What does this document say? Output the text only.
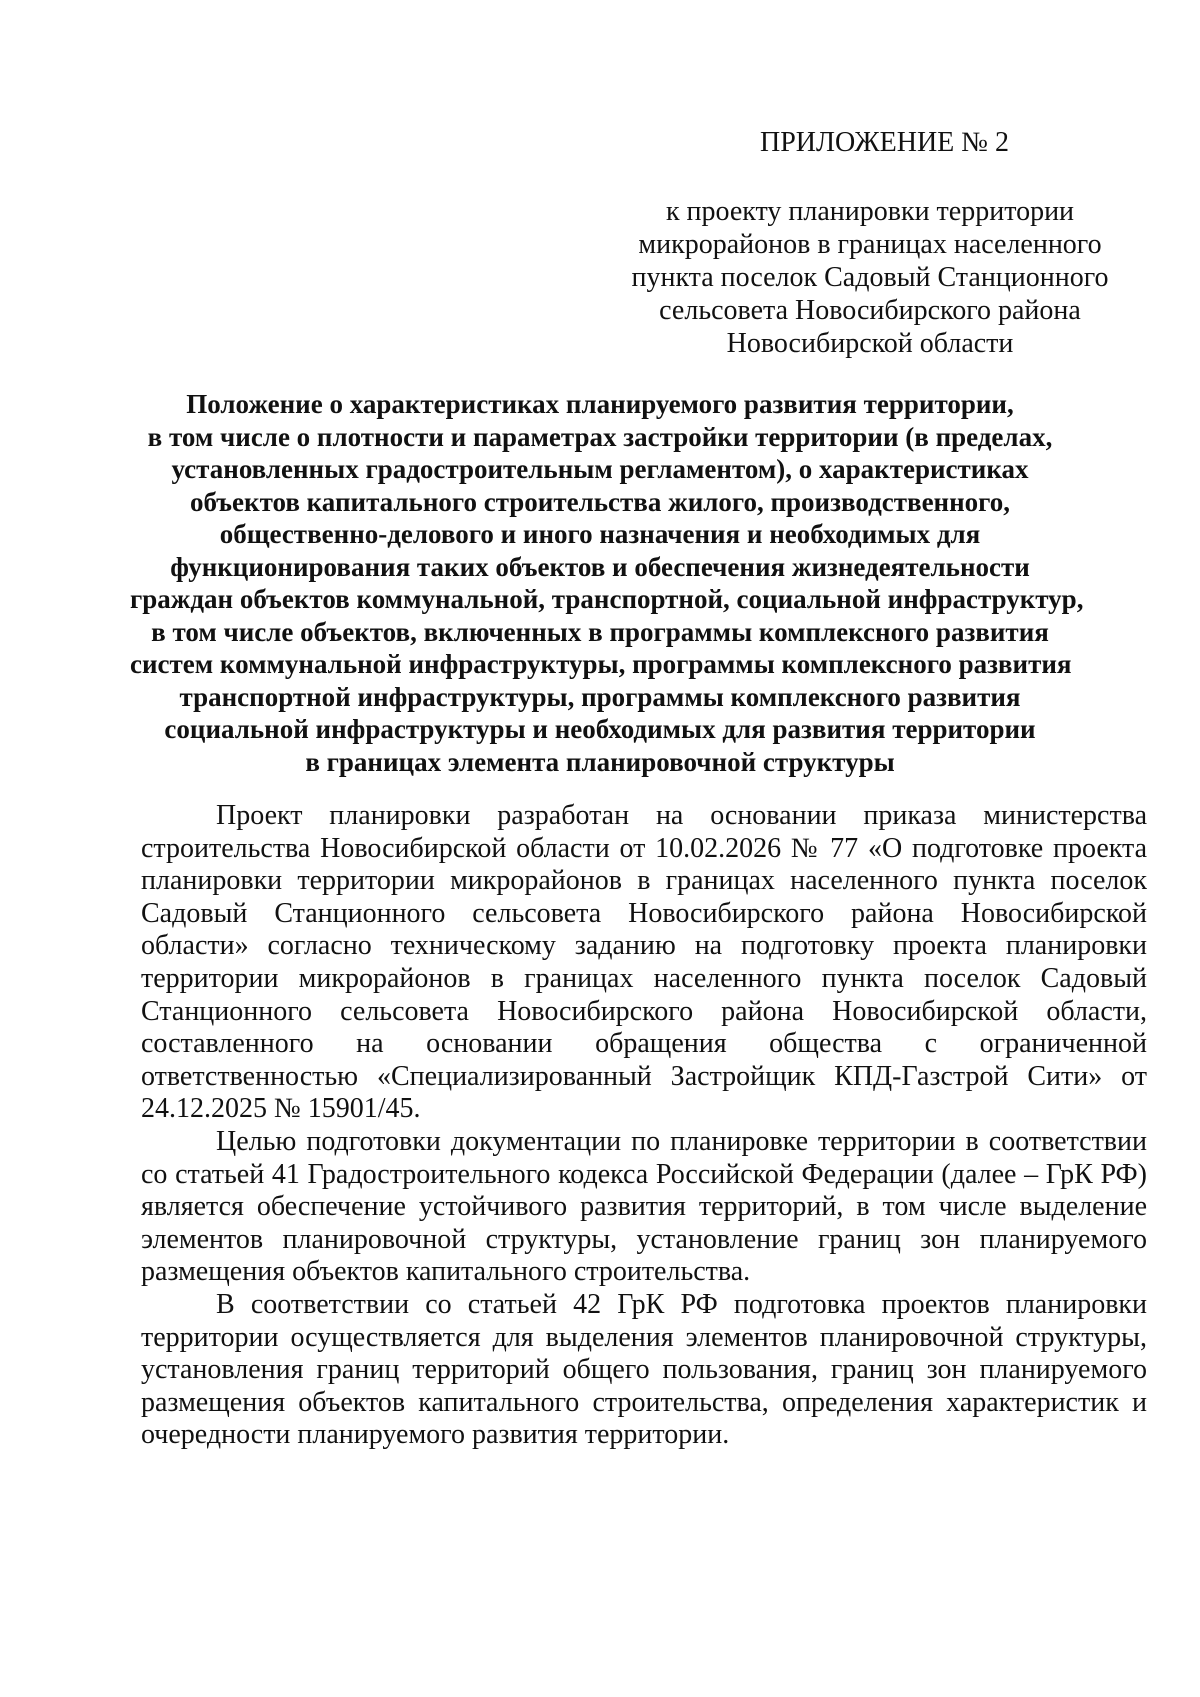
ПРИЛОЖЕНИЕ № 2
к проекту планировки территории
микрорайонов в границах населенного
пункта поселок Садовый Станционного
сельсовета Новосибирского района
Новосибирской области
Положение о характеристиках планируемого развития территории,
в том числе о плотности и параметрах застройки территории (в пределах,
установленных градостроительным регламентом), о характеристиках
объектов капитального строительства жилого, производственного,
общественно-делового и иного назначения и необходимых для
функционирования таких объектов и обеспечения жизнедеятельности
граждан объектов коммунальной, транспортной, социальной инфраструктур,
в том числе объектов, включенных в программы комплексного развития
систем коммунальной инфраструктуры, программы комплексного развития
транспортной инфраструктуры, программы комплексного развития
социальной инфраструктуры и необходимых для развития территории
в границах элемента планировочной структуры

Проект планировки разработан на основании приказа министерства строительства Новосибирской области от 10.02.2026 № 77 «О подготовке проекта планировки территории микрорайонов в границах населенного пункта поселок Садовый Станционного сельсовета Новосибирского района Новосибирской области» согласно техническому заданию на подготовку проекта планировки территории микрорайонов в границах населенного пункта поселок Садовый Станционного сельсовета Новосибирского района Новосибирской области, составленного на основании обращения общества с ограниченной ответственностью «Специализированный Застройщик КПД-Газстрой Сити» от 24.12.2025 № 15901/45.

Целью подготовки документации по планировке территории в соответствии со статьей 41 Градостроительного кодекса Российской Федерации (далее – ГрК РФ) является обеспечение устойчивого развития территорий, в том числе выделение элементов планировочной структуры, установление границ зон планируемого размещения объектов капитального строительства.

В соответствии со статьей 42 ГрК РФ подготовка проектов планировки территории осуществляется для выделения элементов планировочной структуры, установления границ территорий общего пользования, границ зон планируемого размещения объектов капитального строительства, определения характеристик и очередности планируемого развития территории.
